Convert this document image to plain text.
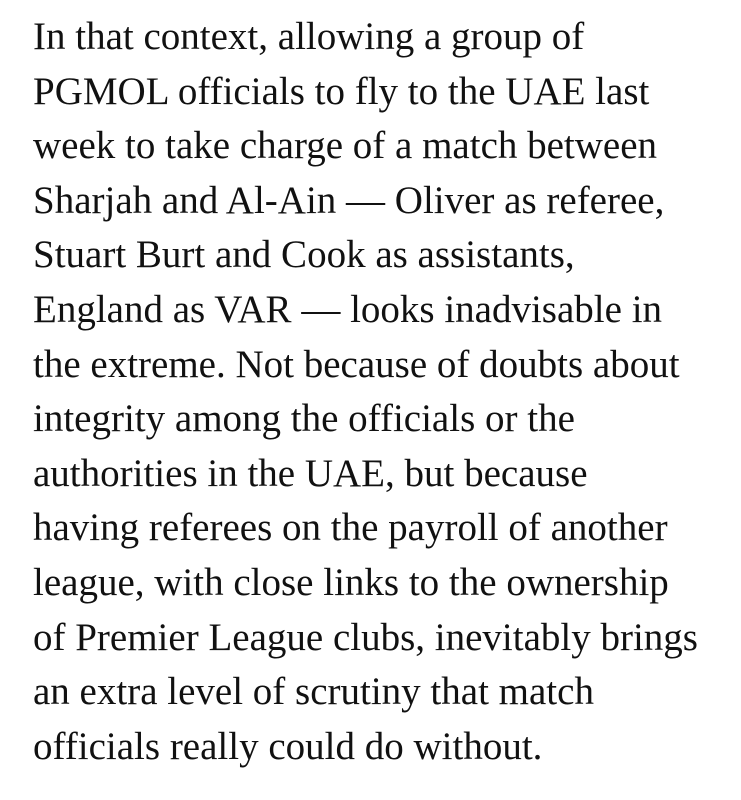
In that context, allowing a group of
PGMOL officials to fly to the UAE last
week to take charge of a match between
Sharjah and Al-Ain — Oliver as referee,
Stuart Burt and Cook as assistants,
England as VAR — looks inadvisable in
the extreme. Not because of doubts about
integrity among the officials or the
authorities in the UAE, but because
having referees on the payroll of another
league, with close links to the ownership
of Premier League clubs, inevitably brings
an extra level of scrutiny that match
officials really could do without.
